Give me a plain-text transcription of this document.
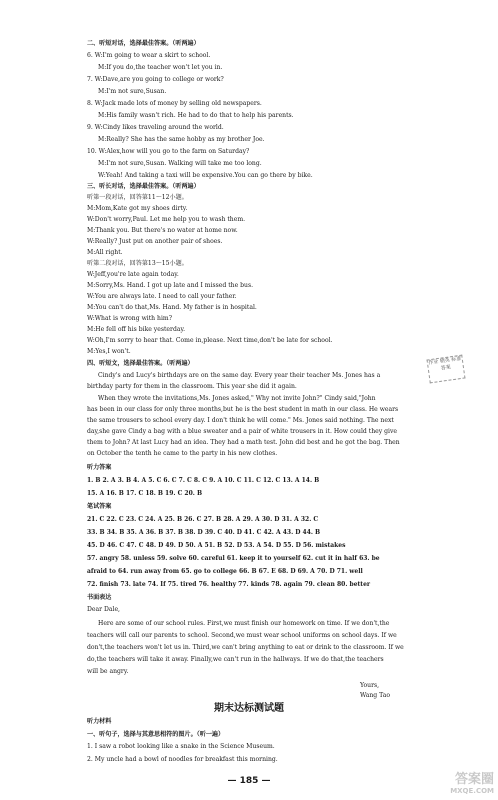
二、听短对话，选择最佳答案。（听两遍）
6. W:I'm going to wear a skirt to school.
M:If you do,the teacher won't let you in.
7. W:Dave,are you going to college or work?
M:I'm not sure,Susan.
8. W:Jack made lots of money by selling old newspapers.
M:His family wasn't rich. He had to do that to help his parents.
9. W:Cindy likes traveling around the world.
M:Really? She has the same hobby as my brother Joe.
10. W:Alex,how will you go to the farm on Saturday?
M:I'm not sure,Susan. Walking will take me too long.
W:Yeah! And taking a taxi will be expensive.You can go there by bike.
三、听长对话，选择最佳答案。（听两遍）
听第一段对话，回答第11～12小题。
M:Mom,Kate got my shoes dirty.
W:Don't worry,Paul. Let me help you to wash them.
M:Thank you. But there's no water at home now.
W:Really? Just put on another pair of shoes.
M:All right.
听第二段对话，回答第13～15小题。
W:Jeff,you're late again today.
M:Sorry,Ms. Hand. I got up late and I missed the bus.
W:You are always late. I need to call your father.
M:You can't do that,Ms. Hand. My father is in hospital.
W:What is wrong with him?
M:He fell off his bike yesterday.
W:Oh,I'm sorry to hear that. Come in,please. Next time,don't be late for school.
M:Yes,I won't.
四、听短文，选择最佳答案。（听两遍）
Cindy's and Lucy's birthdays are on the same day. Every year their teacher Ms. Jones has a
birthday party for them in the classroom. This year she did it again.
When they wrote the invitations,Ms. Jones asked," Why not invite John?" Cindy said,"John
has been in our class for only three months,but he is the best student in math in our class. He wears
the same trousers to school every day. I don't think he will come." Ms. Jones said nothing. The next
day,she gave Cindy a bag with a blue sweater and a pair of white trousers in it. How could they give
them to John? At last Lucy had an idea. They had a math test. John did best and he got the bag. Then
on October the tenth he came to the party in his new clothes.
听力答案
1. B 2. A 3. B 4. A 5. C 6. C 7. C 8. C 9. A 10. C 11. C 12. C 13. A 14. B
15. A 16. B 17. C 18. B 19. C 20. B
笔试答案
21. C 22. C 23. C 24. A 25. B 26. C 27. B 28. A 29. A 30. D 31. A 32. C
33. B 34. B 35. A 36. B 37. B 38. D 39. C 40. D 41. C 42. A 43. D 44. B
45. D 46. C 47. C 48. D 49. D 50. A 51. B 52. D 53. A 54. D 55. D 56. mistakes
57. angry 58. unless 59. solve 60. careful 61. keep it to yourself 62. cut it in half 63. be
afraid to 64. run away from 65. go to college 66. B 67. E 68. D 69. A 70. D 71. well
72. finish 73. late 74. If 75. tired 76. healthy 77. kinds 78. again 79. clean 80. better
书面表达
Dear Dale,
Here are some of our school rules. First,we must finish our homework on time. If we don't,the
teachers will call our parents to school. Second,we must wear school uniforms on school days. If we
don't,the teachers won't let us in. Third,we can't bring anything to eat or drink to the classroom. If we
do,the teachers will take it away. Finally,we can't run in the hallways. If we do that,the teachers
will be angry.
Yours,
Wang Tao
期末达标测试题
听力材料
一、听句子，选择与其意思相符的图片。（听一遍）
1. I saw a robot looking like a snake in the Science Museum.
2. My uncle had a bowl of noodles for breakfast this morning.
— 185 —
作业 精英 标准答案
答案圈
MXQE.COM
